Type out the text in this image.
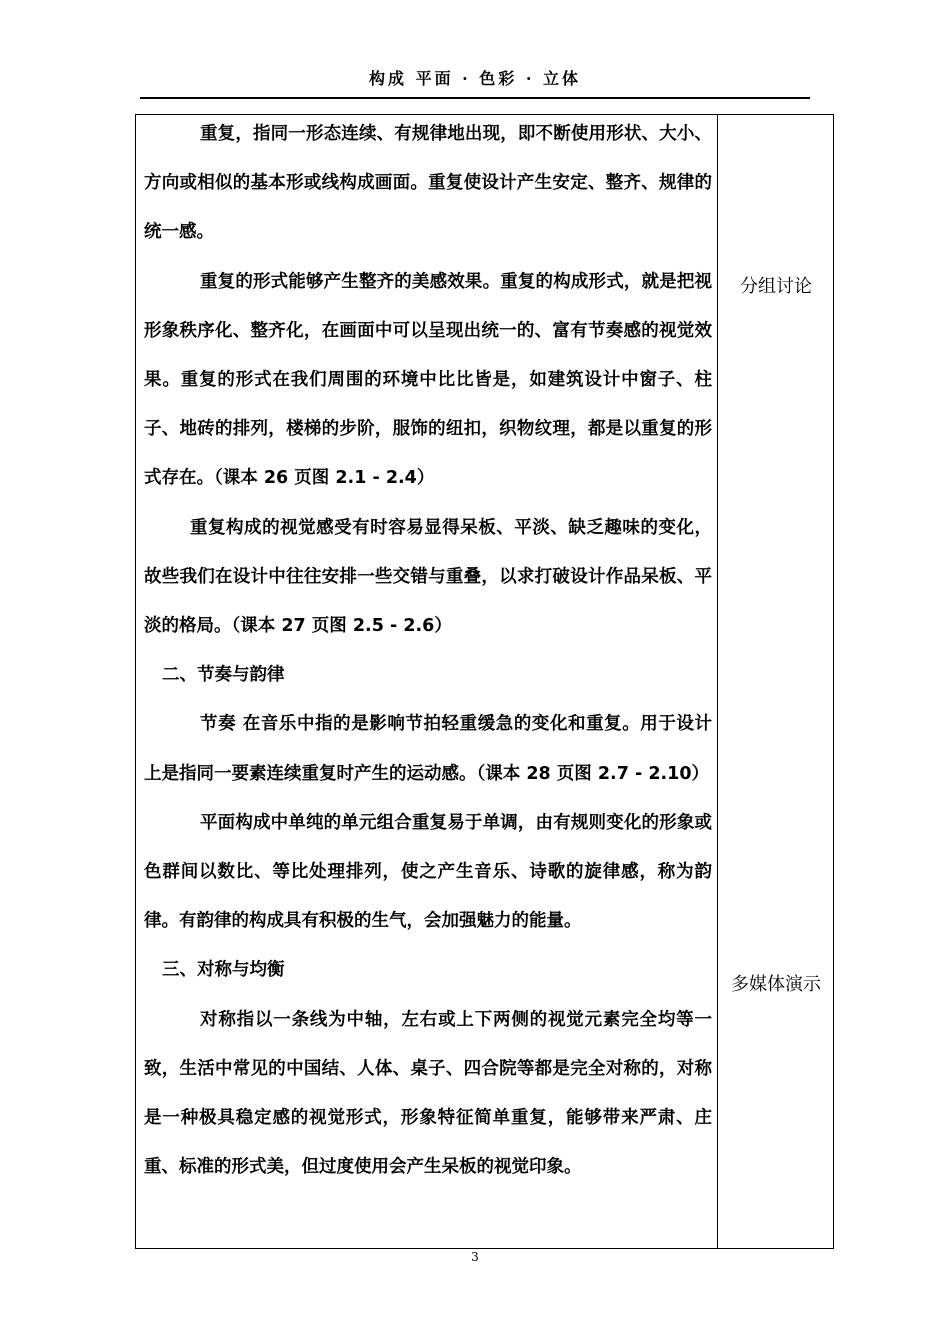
构成 平面 · 色彩 · 立体

重复，指同一形态连续、有规律地出现，即不断使用形状、大小、方向或相似的基本形或线构成画面。重复使设计产生安定、整齐、规律的统一感。

重复的形式能够产生整齐的美感效果。重复的构成形式，就是把视形象秩序化、整齐化，在画面中可以呈现出统一的、富有节奏感的视觉效果。重复的形式在我们周围的环境中比比皆是，如建筑设计中窗子、柱子、地砖的排列，楼梯的步阶，服饰的纽扣，织物纹理，都是以重复的形式存在。（课本 26 页图 2.1 - 2.4）

重复构成的视觉感受有时容易显得呆板、平淡、缺乏趣味的变化，故些我们在设计中往往安排一些交错与重叠，以求打破设计作品呆板、平淡的格局。（课本 27 页图 2.5 - 2.6）

二、节奏与韵律

节奏 在音乐中指的是影响节拍轻重缓急的变化和重复。用于设计上是指同一要素连续重复时产生的运动感。（课本 28 页图 2.7 - 2.10）

平面构成中单纯的单元组合重复易于单调，由有规则变化的形象或色群间以数比、等比处理排列，使之产生音乐、诗歌的旋律感，称为韵律。有韵律的构成具有积极的生气，会加强魅力的能量。

三、对称与均衡

对称指以一条线为中轴，左右或上下两侧的视觉元素完全均等一致，生活中常见的中国结、人体、桌子、四合院等都是完全对称的，对称是一种极具稳定感的视觉形式，形象特征简单重复，能够带来严肃、庄重、标准的形式美，但过度使用会产生呆板的视觉印象。

分组讨论
多媒体演示
3
